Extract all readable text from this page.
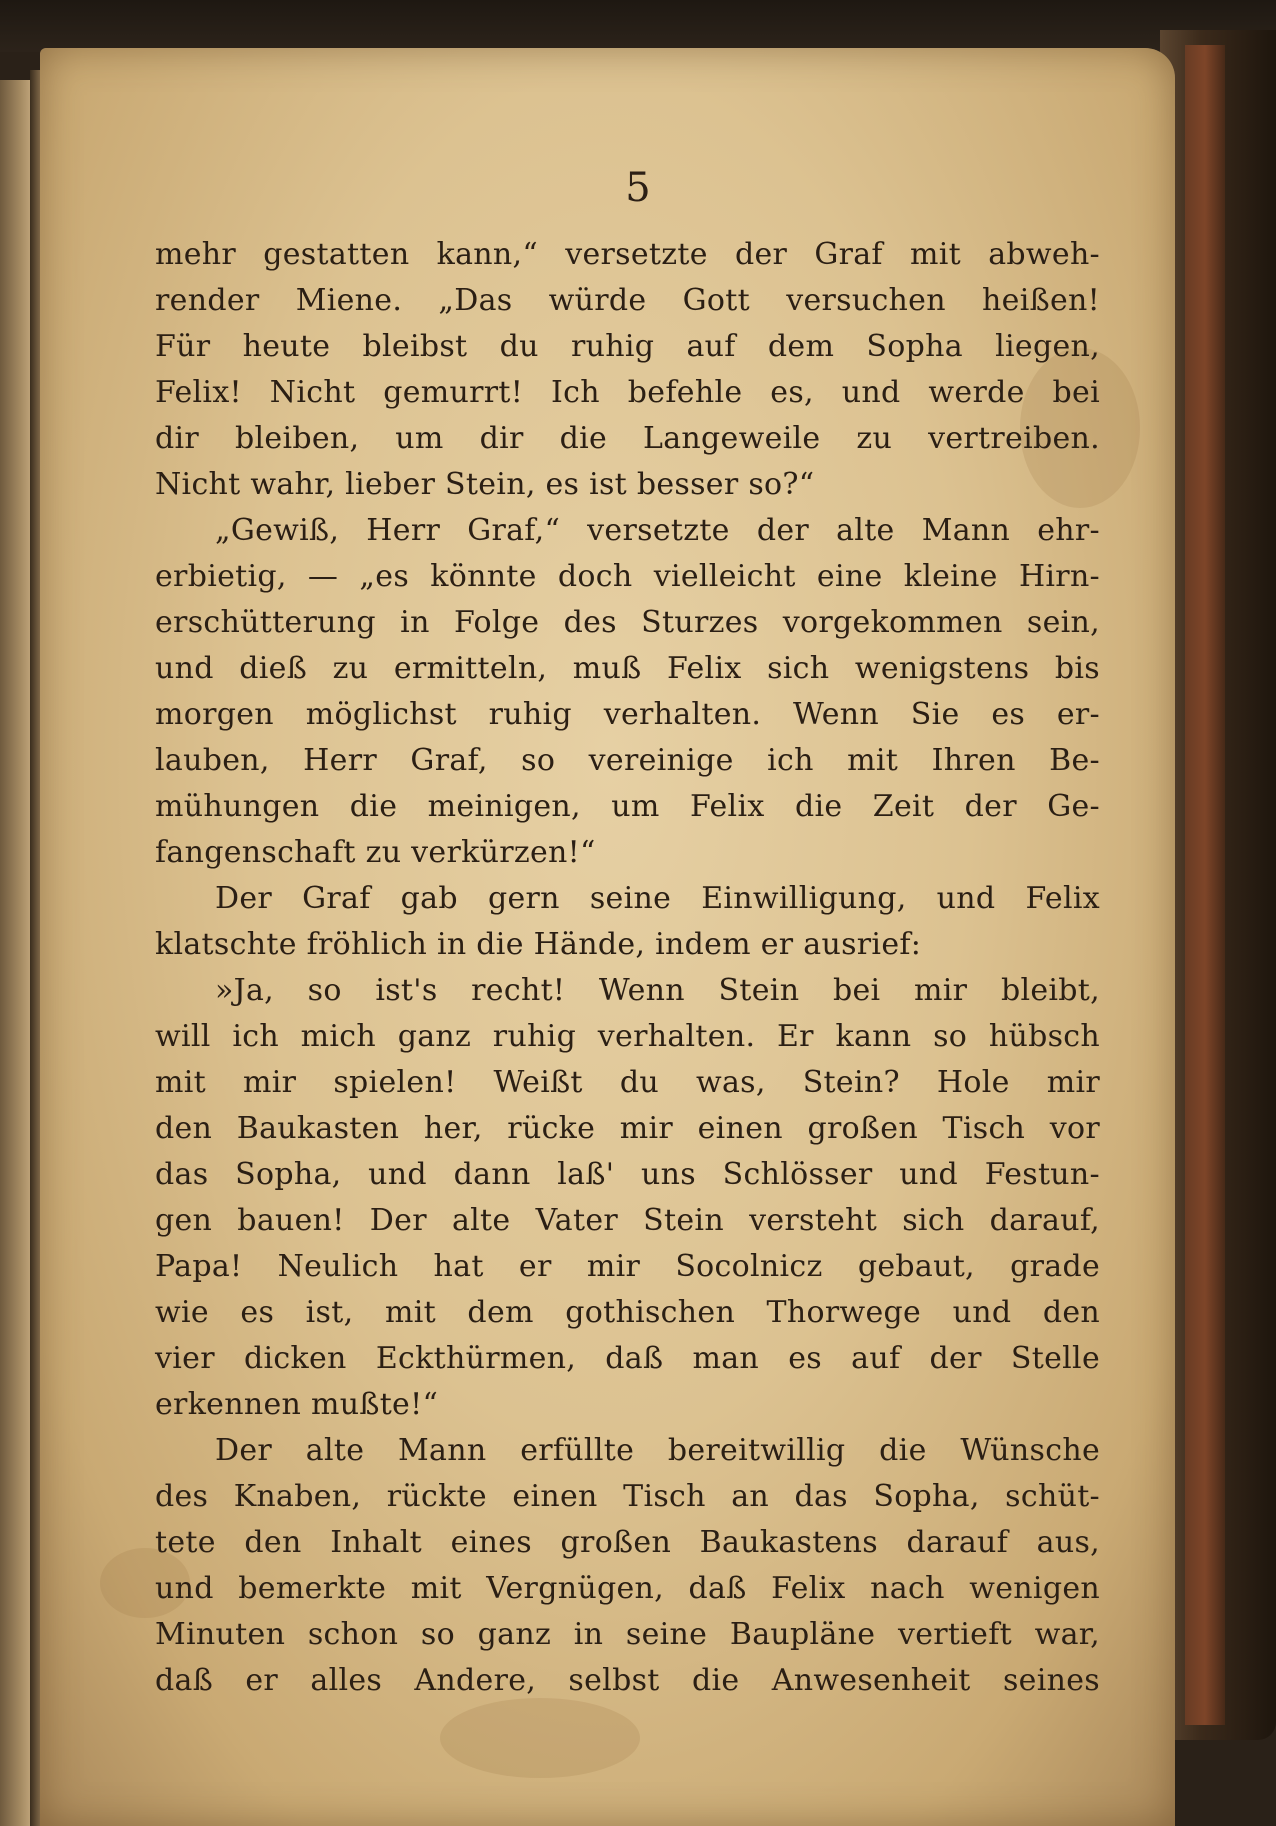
5
mehr gestatten kann,“ versetzte der Graf mit abweh-
render Miene. „Das würde Gott versuchen heißen!
Für heute bleibst du ruhig auf dem Sopha liegen,
Felix! Nicht gemurrt! Ich befehle es, und werde bei
dir bleiben, um dir die Langeweile zu vertreiben.
Nicht wahr, lieber Stein, es ist besser so?“
„Gewiß, Herr Graf,“ versetzte der alte Mann ehr-
erbietig, — „es könnte doch vielleicht eine kleine Hirn-
erschütterung in Folge des Sturzes vorgekommen sein,
und dieß zu ermitteln, muß Felix sich wenigstens bis
morgen möglichst ruhig verhalten. Wenn Sie es er-
lauben, Herr Graf, so vereinige ich mit Ihren Be-
mühungen die meinigen, um Felix die Zeit der Ge-
fangenschaft zu verkürzen!“
Der Graf gab gern seine Einwilligung, und Felix
klatschte fröhlich in die Hände, indem er ausrief:
»Ja, so ist's recht! Wenn Stein bei mir bleibt,
will ich mich ganz ruhig verhalten. Er kann so hübsch
mit mir spielen! Weißt du was, Stein? Hole mir
den Baukasten her, rücke mir einen großen Tisch vor
das Sopha, und dann laß' uns Schlösser und Festun-
gen bauen! Der alte Vater Stein versteht sich darauf,
Papa! Neulich hat er mir Socolnicz gebaut, grade
wie es ist, mit dem gothischen Thorwege und den
vier dicken Eckthürmen, daß man es auf der Stelle
erkennen mußte!“
Der alte Mann erfüllte bereitwillig die Wünsche
des Knaben, rückte einen Tisch an das Sopha, schüt-
tete den Inhalt eines großen Baukastens darauf aus,
und bemerkte mit Vergnügen, daß Felix nach wenigen
Minuten schon so ganz in seine Baupläne vertieft war,
daß er alles Andere, selbst die Anwesenheit seines
